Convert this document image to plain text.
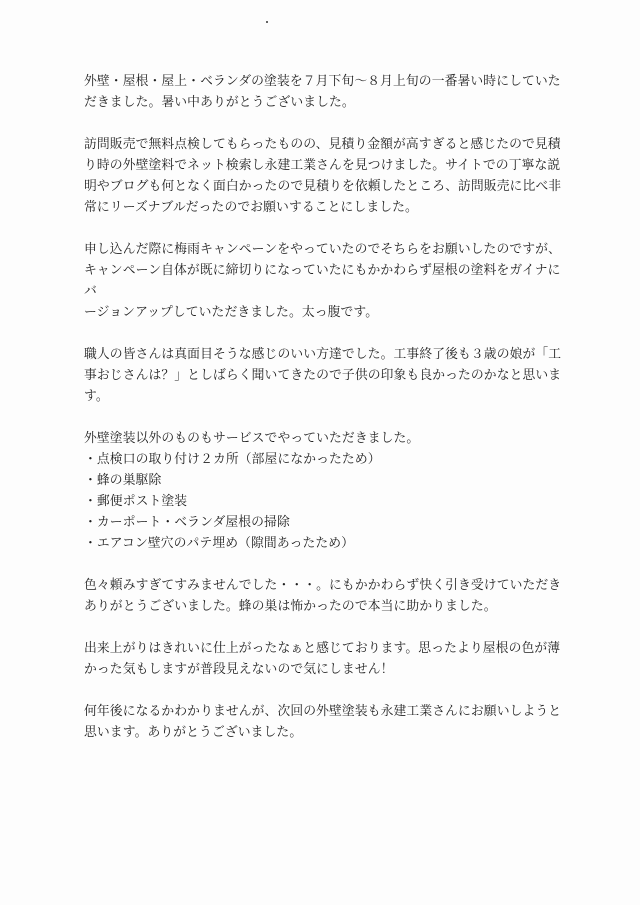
外壁・屋根・屋上・ベランダの塗装を７月下旬〜８月上旬の一番暑い時にしていた
だきました。暑い中ありがとうございました。

訪問販売で無料点検してもらったものの、見積り金額が高すぎると感じたので見積
り時の外壁塗料でネット検索し永建工業さんを見つけました。サイトでの丁寧な説
明やブログも何となく面白かったので見積りを依頼したところ、訪問販売に比べ非
常にリーズナブルだったのでお願いすることにしました。

申し込んだ際に梅雨キャンペーンをやっていたのでそちらをお願いしたのですが、
キャンペーン自体が既に締切りになっていたにもかかわらず屋根の塗料をガイナにバ
ージョンアップしていただきました。太っ腹です。

職人の皆さんは真面目そうな感じのいい方達でした。工事終了後も３歳の娘が「工
事おじさんは？」としばらく聞いてきたので子供の印象も良かったのかなと思いま
す。

外壁塗装以外のものもサービスでやっていただきました。

・点検口の取り付け２カ所（部屋になかったため）
・蜂の巣駆除
・郵便ポスト塗装
・カーポート・ベランダ屋根の掃除
・エアコン壁穴のパテ埋め（隙間あったため）

色々頼みすぎてすみませんでした・・・。にもかかわらず快く引き受けていただき
ありがとうございました。蜂の巣は怖かったので本当に助かりました。

出来上がりはきれいに仕上がったなぁと感じております。思ったより屋根の色が薄
かった気もしますが普段見えないので気にしません！

何年後になるかわかりませんが、次回の外壁塗装も永建工業さんにお願いしようと
思います。ありがとうございました。
